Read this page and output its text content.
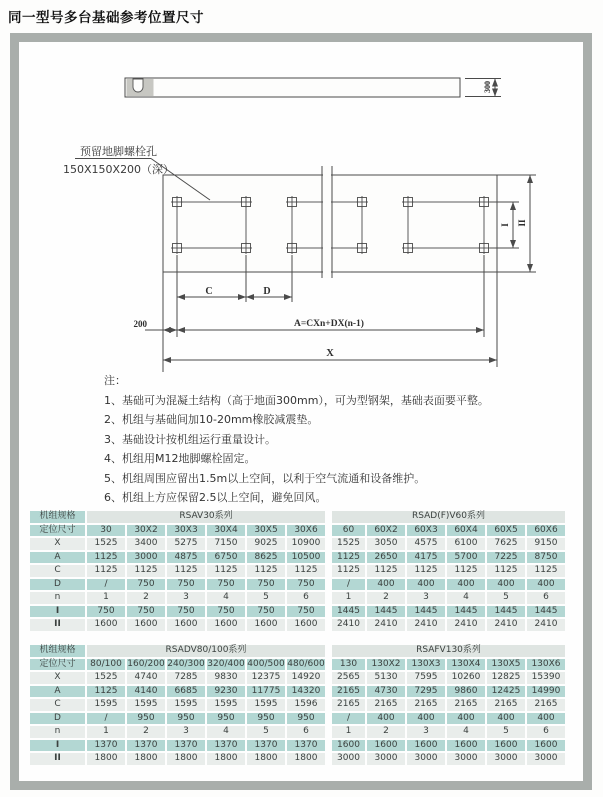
同一型号多台基础参考位置尺寸
300
预留地脚螺栓孔
150X150X200（深）
C	D
200	A=CXn+DX(n-1)
X
I II
注：
1、基础可为混凝土结构（高于地面300mm），可为型钢架，基础表面要平整。
2、机组与基础间加10-20mm橡胶减震垫。
3、基础设计按机组运行重量设计。
4、机组用M12地脚螺栓固定。
5、机组周围应留出1.5m以上空间，以利于空气流通和设备维护。
6、机组上方应保留2.5以上空间，避免回风。
机组规格	RSAV30系列						RSAD(F)V60系列					
定位尺寸	30	30X2	30X3	30X4	30X5	30X6	60	60X2	60X3	60X4	60X5	60X6
X	1525	3400	5275	7150	9025	10900	1525	3050	4575	6100	7625	9150
A	1125	3000	4875	6750	8625	10500	1125	2650	4175	5700	7225	8750
C	1125	1125	1125	1125	1125	1125	1125	1125	1125	1125	1125	1125
D	/	750	750	750	750	750	/	400	400	400	400	400
n	1	2	3	4	5	6	1	2	3	4	5	6
I	750	750	750	750	750	750	1445	1445	1445	1445	1445	1445
II	1600	1600	1600	1600	1600	1600	2410	2410	2410	2410	2410	2410
机组规格	RSADV80/100系列						RSAFV130系列					
定位尺寸	80/100	160/200	240/300	320/400	400/500	480/600	130	130X2	130X3	130X4	130X5	130X6
X	1525	4740	7285	9830	12375	14920	2565	5130	7595	10260	12825	15390
A	1125	4140	6685	9230	11775	14320	2165	4730	7295	9860	12425	14990
C	1595	1595	1595	1595	1595	1596	2165	2165	2165	2165	2165	2165
D	/	950	950	950	950	950	/	400	400	400	400	400
n	1	2	3	4	5	6	1	2	3	4	5	6
I	1370	1370	1370	1370	1370	1370	1600	1600	1600	1600	1600	1600
II	1800	1800	1800	1800	1800	1800	3000	3000	3000	3000	3000	3000
